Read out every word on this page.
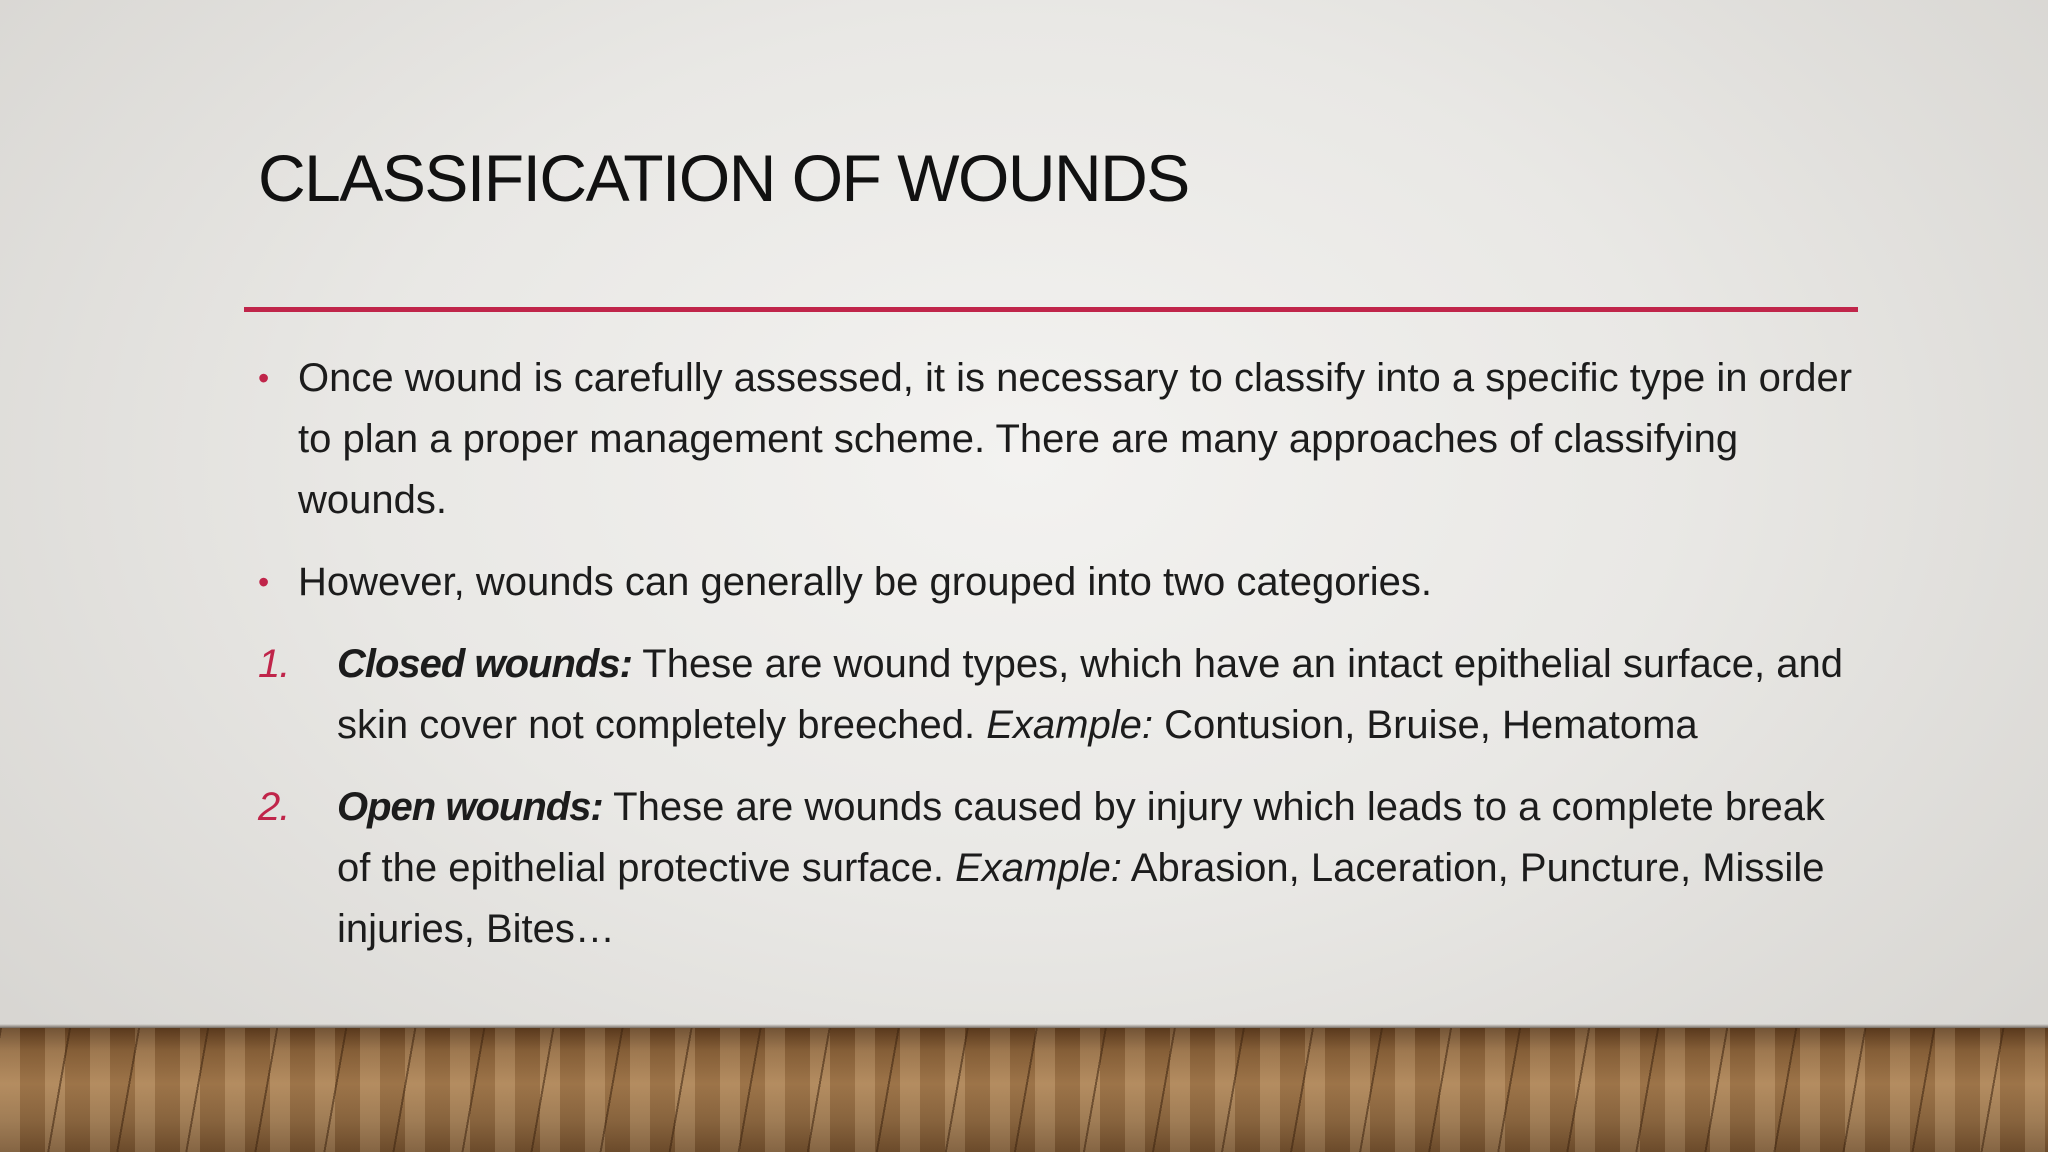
CLASSIFICATION OF WOUNDS
• Once wound is carefully assessed, it is necessary to classify into a specific type in order to plan a proper management scheme. There are many approaches of classifying wounds.
• However, wounds can generally be grouped into two categories.
1. Closed wounds: These are wound types, which have an intact epithelial surface, and skin cover not completely breeched. Example: Contusion, Bruise, Hematoma
2. Open wounds: These are wounds caused by injury which leads to a complete break of the epithelial protective surface. Example: Abrasion, Laceration, Puncture, Missile injuries, Bites…
